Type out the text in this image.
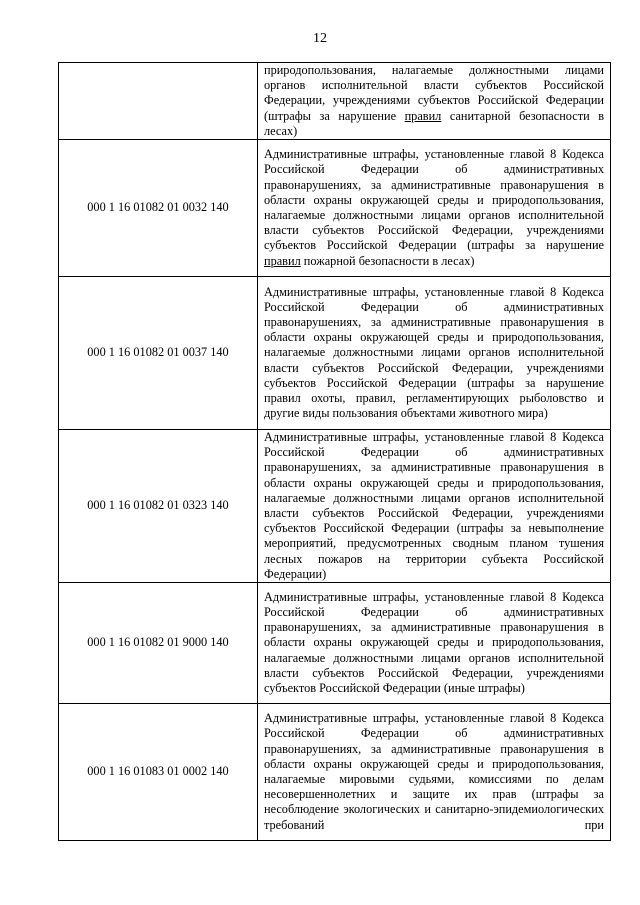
12
	природопользования, налагаемые должностными лицами органов исполнительной власти субъектов Российской Федерации, учреждениями субъектов Российской Федерации (штрафы за нарушение правил санитарной безопасности в лесах)
000 1 16 01082 01 0032 140	Административные штрафы, установленные главой 8 Кодекса Российской Федерации об административных правонарушениях, за административные правонарушения в области охраны окружающей среды и природопользования, налагаемые должностными лицами органов исполнительной власти субъектов Российской Федерации, учреждениями субъектов Российской Федерации (штрафы за нарушение правил пожарной безопасности в лесах)
000 1 16 01082 01 0037 140	Административные штрафы, установленные главой 8 Кодекса Российской Федерации об административных правонарушениях, за административные правонарушения в области охраны окружающей среды и природопользования, налагаемые должностными лицами органов исполнительной власти субъектов Российской Федерации, учреждениями субъектов Российской Федерации (штрафы за нарушение правил охоты, правил, регламентирующих рыболовство и другие виды пользования объектами животного мира)
000 1 16 01082 01 0323 140	Административные штрафы, установленные главой 8 Кодекса Российской Федерации об административных правонарушениях, за административные правонарушения в области охраны окружающей среды и природопользования, налагаемые должностными лицами органов исполнительной власти субъектов Российской Федерации, учреждениями субъектов Российской Федерации (штрафы за невыполнение мероприятий, предусмотренных сводным планом тушения лесных пожаров на территории субъекта Российской Федерации)
000 1 16 01082 01 9000 140	Административные штрафы, установленные главой 8 Кодекса Российской Федерации об административных правонарушениях, за административные правонарушения в области охраны окружающей среды и природопользования, налагаемые должностными лицами органов исполнительной власти субъектов Российской Федерации, учреждениями субъектов Российской Федерации (иные штрафы)
000 1 16 01083 01 0002 140	Административные штрафы, установленные главой 8 Кодекса Российской Федерации об административных правонарушениях, за административные правонарушения в области охраны окружающей среды и природопользования, налагаемые мировыми судьями, комиссиями по делам несовершеннолетних и защите их прав (штрафы за несоблюдение экологических и санитарно-эпидемиологических требований при
